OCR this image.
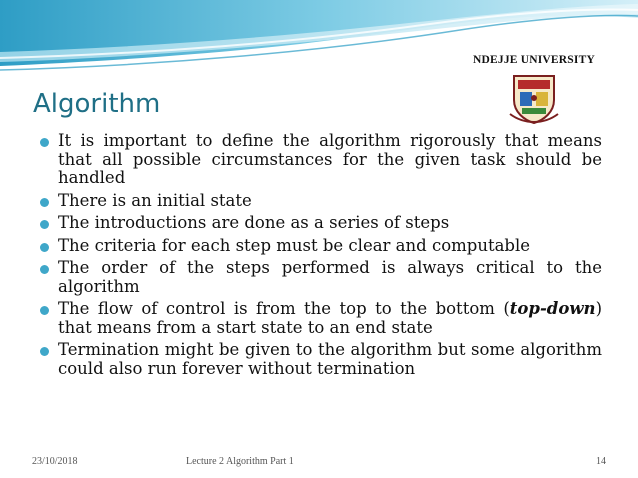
NDEJJE UNIVERSITY
Algorithm
It is important to define the algorithm rigorously that means that all possible circumstances for the given task should be handled
There is an initial state
The introductions are done as a series of steps
The criteria for each step must be clear and computable
The order of the steps performed is always critical to the algorithm
The flow of control is from the top to the bottom (top-down) that means from a start state to an end state
Termination might be given to the algorithm but some algorithm could also run forever without termination
23/10/2018	Lecture 2 Algorithm Part 1	14
